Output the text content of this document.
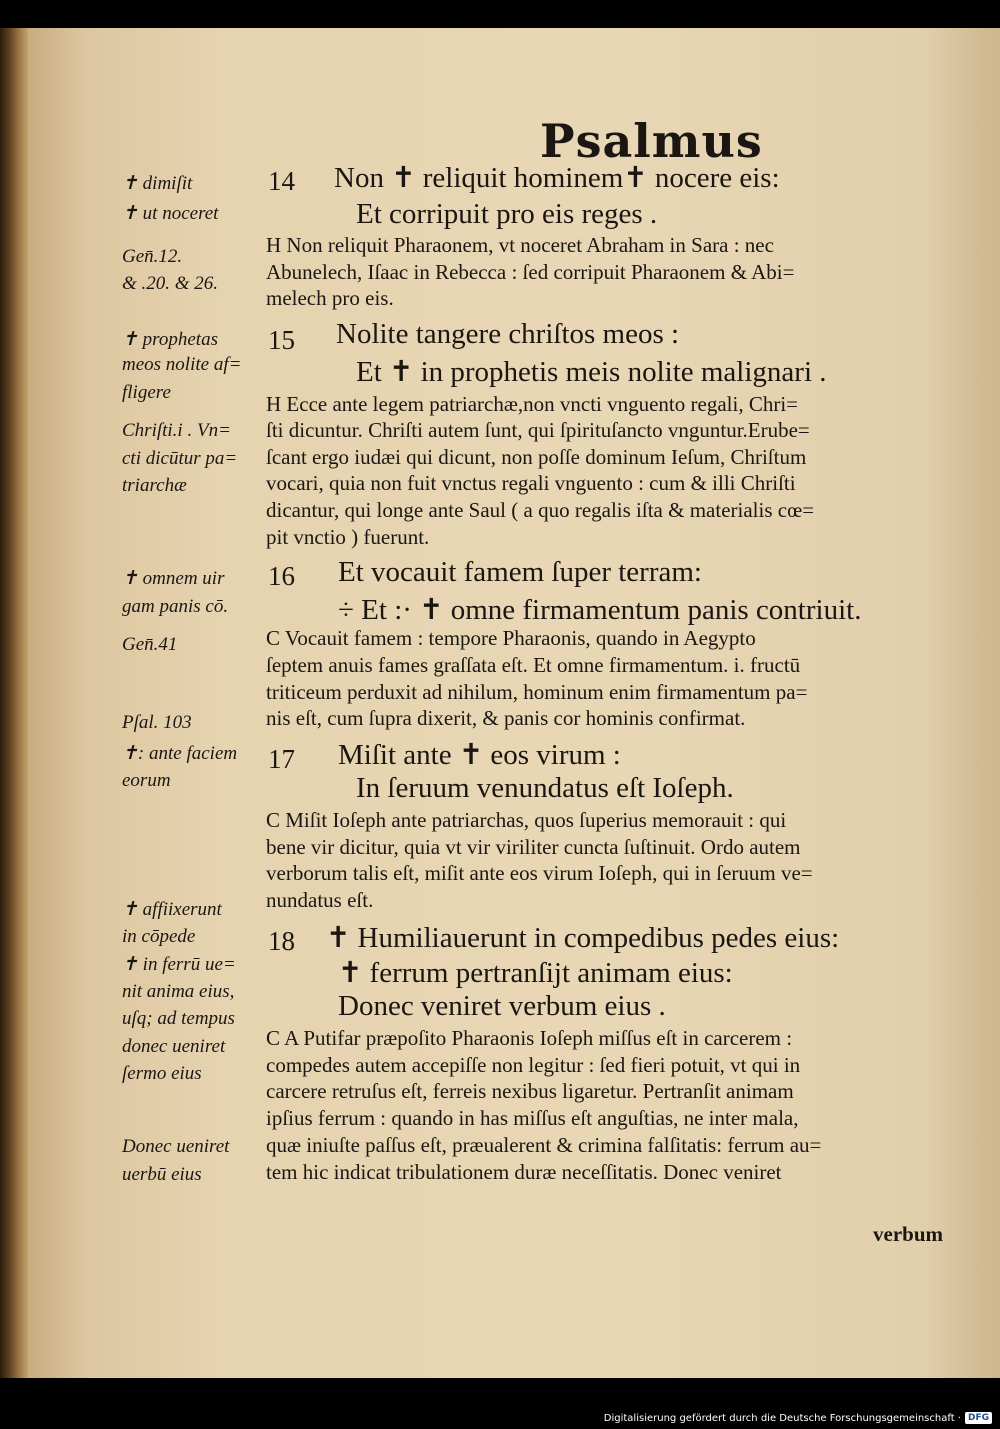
Psalmus
✝ dimiſit
✝ ut noceret
Gen̄.12.
& .20. & 26.
✝ prophetas
meos nolite af=
fligere
Chriſti.i . Vn=
cti dicūtur pa=
triarchæ
✝ omnem uir
gam panis cō.
Gen̄.41
Pſal. 103
✝: ante faciem
eorum
✝ affiixerunt
in cōpede
✝ in ferrū ue=
nit anima eius,
uſq; ad tempus
donec ueniret
ſermo eius
Donec ueniret
uerbū eius
14
15
16
17
18
Non ✝ reliquit hominem✝ nocere eis:
Et corripuit pro eis reges .
Nolite tangere chriſtos meos :
Et ✝ in prophetis meis nolite malignari .
Et vocauit famem ſuper terram:
÷ Et :· ✝ omne firmamentum panis contriuit.
Miſit ante ✝ eos virum :
In ſeruum venundatus eſt Ioſeph.
✝ Humiliauerunt in compedibus pedes eius:
✝ ferrum pertranſijt animam eius:
Donec veniret verbum eius .
H Non reliquit Pharaonem, vt noceret Abraham in Sara : nec
Abunelech, Iſaac in Rebecca : ſed corripuit Pharaonem & Abi=
melech pro eis.
H Ecce ante legem patriarchæ,non vncti vnguento regali, Chri=
ſti dicuntur. Chriſti autem ſunt, qui ſpirituſancto vnguntur.Erube=
ſcant ergo iudæi qui dicunt, non poſſe dominum Ieſum, Chriſtum
vocari, quia non fuit vnctus regali vnguento : cum & illi Chriſti
dicantur, qui longe ante Saul ( a quo regalis iſta & materialis cœ=
pit vnctio ) fuerunt.
C Vocauit famem : tempore Pharaonis, quando in Aegypto
ſeptem anuis fames graſſata eſt. Et omne firmamentum. i. fructū
triticeum perduxit ad nihilum, hominum enim firmamentum pa=
nis eſt, cum ſupra dixerit, & panis cor hominis confirmat.
C Miſit Ioſeph ante patriarchas, quos ſuperius memorauit : qui
bene vir dicitur, quia vt vir viriliter cuncta ſuſtinuit. Ordo autem
verborum talis eſt, miſit ante eos virum Ioſeph, qui in ſeruum ve=
nundatus eſt.
C A Putifar præpoſito Pharaonis Ioſeph miſſus eſt in carcerem :
compedes autem accepiſſe non legitur : ſed fieri potuit, vt qui in
carcere retruſus eſt, ferreis nexibus ligaretur. Pertranſit animam
ipſius ferrum : quando in has miſſus eſt anguſtias, ne inter mala,
quæ iniuſte paſſus eſt, præualerent & crimina falſitatis: ferrum au=
tem hic indicat tribulationem duræ neceſſitatis. Donec veniret
verbum
Digitalisierung gefördert durch die Deutsche Forschungsgemeinschaft · DFG
